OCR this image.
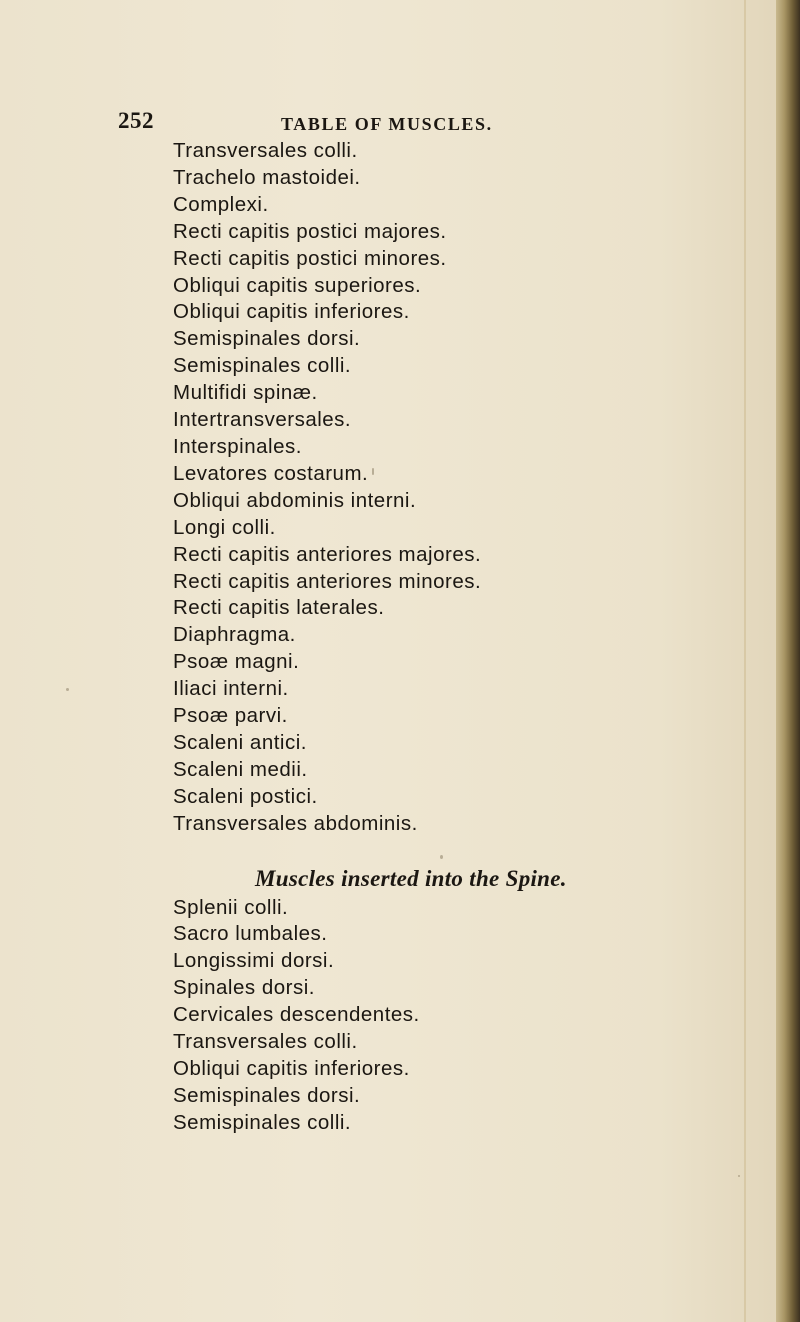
252	TABLE OF MUSCLES.
Transversales colli.
Trachelo mastoidei.
Complexi.
Recti capitis postici majores.
Recti capitis postici minores.
Obliqui capitis superiores.
Obliqui capitis inferiores.
Semispinales dorsi.
Semispinales colli.
Multifidi spinæ.
Intertransversales.
Interspinales.
Levatores costarum.
Obliqui abdominis interni.
Longi colli.
Recti capitis anteriores majores.
Recti capitis anteriores minores.
Recti capitis laterales.
Diaphragma.
Psoæ magni.
Iliaci interni.
Psoæ parvi.
Scaleni antici.
Scaleni medii.
Scaleni postici.
Transversales abdominis.
Muscles inserted into the Spine.
Splenii colli.
Sacro lumbales.
Longissimi dorsi.
Spinales dorsi.
Cervicales descendentes.
Transversales colli.
Obliqui capitis inferiores.
Semispinales dorsi.
Semispinales colli.
